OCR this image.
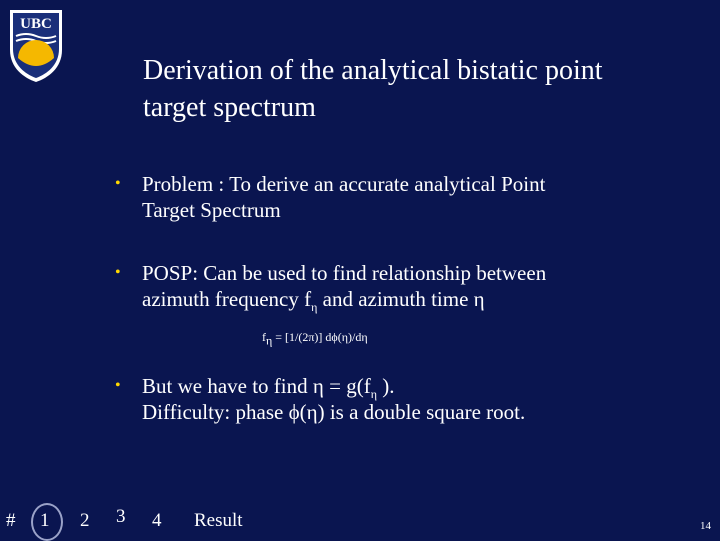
UBC
Derivation of the analytical bistatic point
target spectrum
• Problem : To derive an accurate analytical Point
Target Spectrum
• POSP: Can be used to find relationship between
azimuth frequency $f_\eta$ and azimuth time η
$f_\eta = [1/(2\pi)]$ dϕ(η)/dη
• But we have to find $\eta = g(f_\eta$ ).
Difficulty: phase ϕ(η) is a double square root.
# 1 2 3 4 Result	14
